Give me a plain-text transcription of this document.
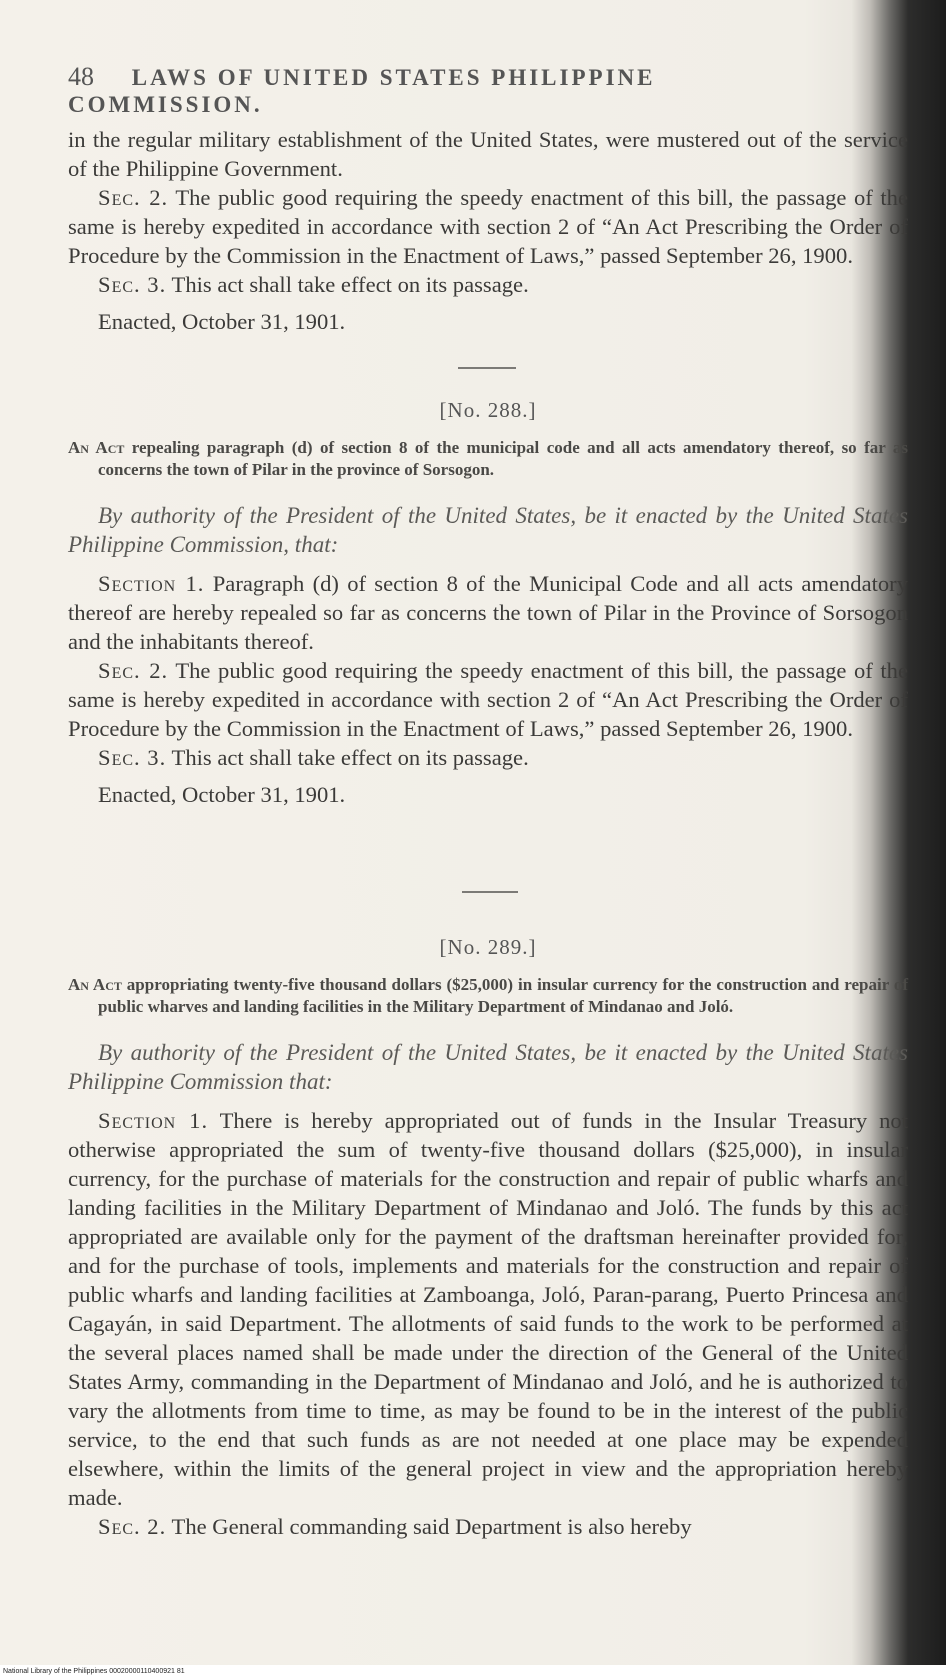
48 LAWS OF UNITED STATES PHILIPPINE COMMISSION.

in the regular military establishment of the United States, were mustered out of the service of the Philippine Government.

Sec. 2. The public good requiring the speedy enactment of this bill, the passage of the same is hereby expedited in accordance with section 2 of “An Act Prescribing the Order of Procedure by the Commission in the Enactment of Laws,” passed September 26, 1900.

Sec. 3. This act shall take effect on its passage.

Enacted, October 31, 1901.

[No. 288.]

An Act repealing paragraph (d) of section 8 of the municipal code and all acts amendatory thereof, so far as concerns the town of Pilar in the province of Sorsogon.

By authority of the President of the United States, be it enacted by the United States Philippine Commission, that:

Section 1. Paragraph (d) of section 8 of the Municipal Code and all acts amendatory thereof are hereby repealed so far as concerns the town of Pilar in the Province of Sorsogon and the inhabitants thereof.

Sec. 2. The public good requiring the speedy enactment of this bill, the passage of the same is hereby expedited in accordance with section 2 of “An Act Prescribing the Order of Procedure by the Commission in the Enactment of Laws,” passed September 26, 1900.

Sec. 3. This act shall take effect on its passage.

Enacted, October 31, 1901.

[No. 289.]

An Act appropriating twenty-five thousand dollars ($25,000) in insular currency for the construction and repair of public wharves and landing facilities in the Military Department of Mindanao and Joló.

By authority of the President of the United States, be it enacted by the United States Philippine Commission that:

Section 1. There is hereby appropriated out of funds in the Insular Treasury not otherwise appropriated the sum of twenty-five thousand dollars ($25,000), in insular currency, for the purchase of materials for the construction and repair of public wharfs and landing facilities in the Military Department of Mindanao and Joló. The funds by this act appropriated are available only for the payment of the draftsman hereinafter provided for, and for the purchase of tools, implements and materials for the construction and repair of public wharfs and landing facilities at Zamboanga, Joló, Paran-parang, Puerto Princesa and Cagayán, in said Department. The allotments of said funds to the work to be performed at the several places named shall be made under the direction of the General of the United States Army, commanding in the Department of Mindanao and Joló, and he is authorized to vary the allotments from time to time, as may be found to be in the interest of the public service, to the end that such funds as are not needed at one place may be expended elsewhere, within the limits of the general project in view and the appropriation hereby made.

Sec. 2. The General commanding said Department is also hereby

National Library of the Philippines 00020000110400921 81
